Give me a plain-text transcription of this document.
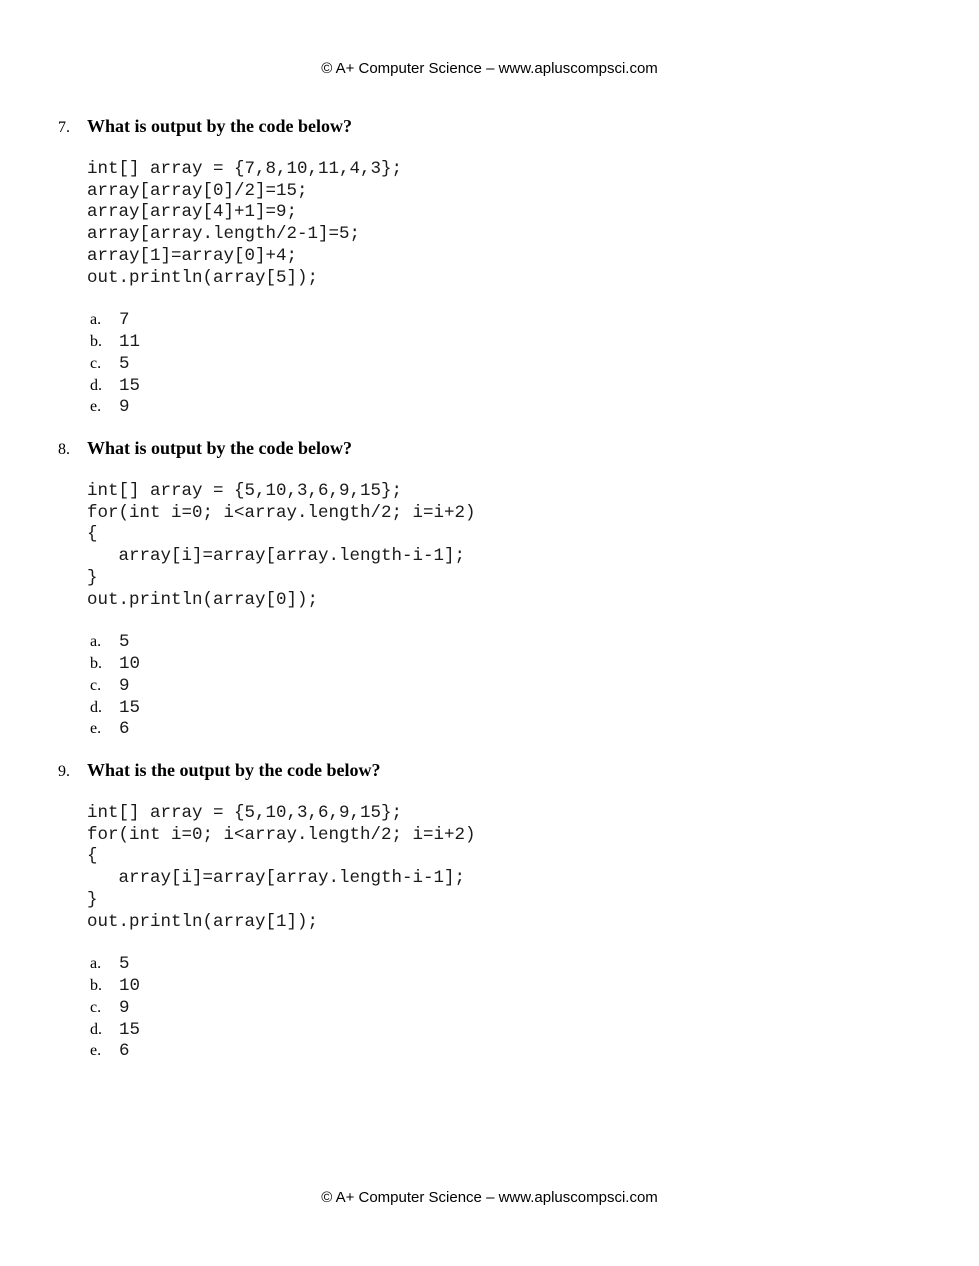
© A+ Computer Science – www.apluscompsci.com
7. What is output by the code below?
int[] array = {7,8,10,11,4,3};
array[array[0]/2]=15;
array[array[4]+1]=9;
array[array.length/2-1]=5;
array[1]=array[0]+4;
out.println(array[5]);
a.	7
b. 11
c.	5
d. 15
e.	9
8. What is output by the code below?
int[] array = {5,10,3,6,9,15};
for(int i=0; i<array.length/2; i=i+2)
{
array[i]=array[array.length-i-1];
}
out.println(array[0]);
a.	5
b. 10
c.	9
d. 15
e.	6
9. What is the output by the code below?
int[] array = {5,10,3,6,9,15};
for(int i=0; i<array.length/2; i=i+2)
{
array[i]=array[array.length-i-1];
}
out.println(array[1]);
a.	5
b. 10
c.	9
d. 15
e.	6
© A+ Computer Science – www.apluscompsci.com
